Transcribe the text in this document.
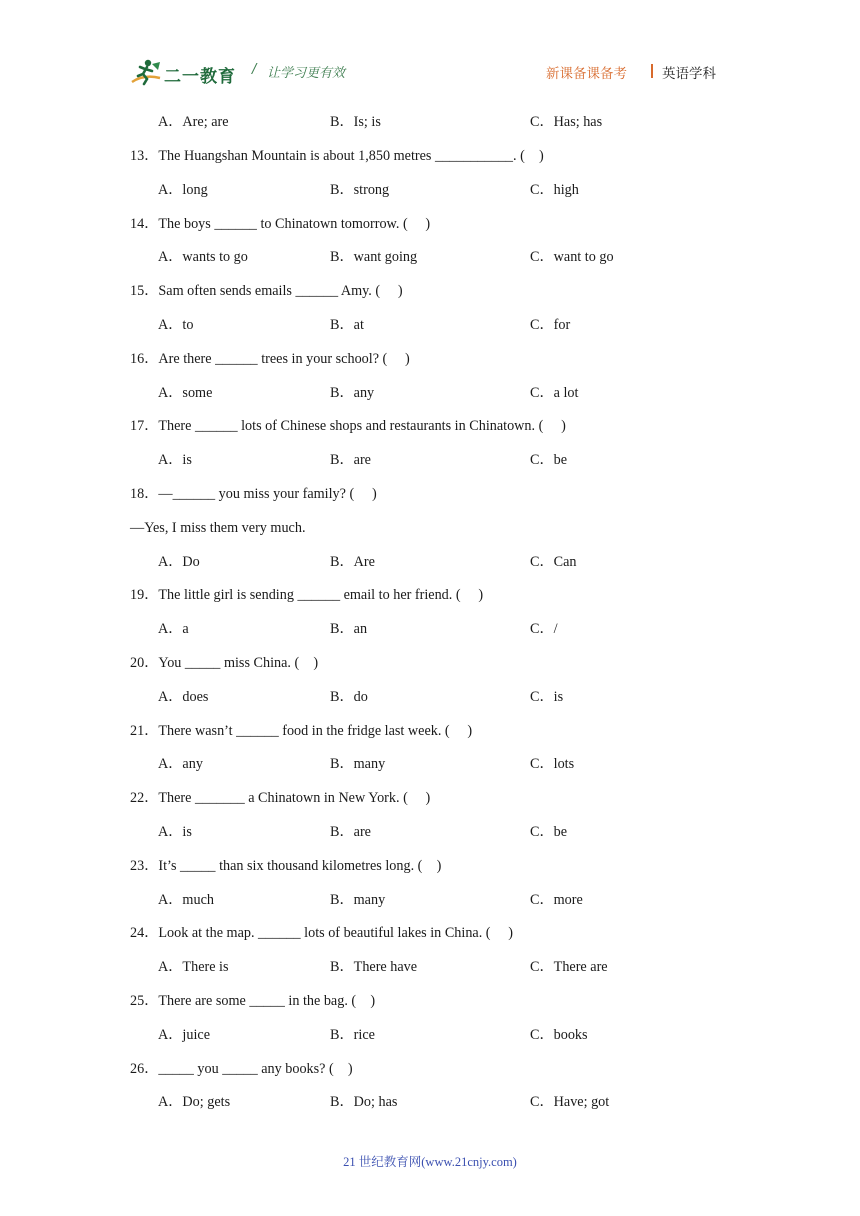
二一教育 / 让学习更有效	新课备课备考	英语学科
A．Are; are	B．Is; is	C．Has; has
13．The Huangshan Mountain is about 1,850 metres ___________. (    )
A．long	B．strong	C．high
14．The boys ______ to Chinatown tomorrow. (     )
A．wants to go	B．want going	C．want to go
15．Sam often sends emails ______ Amy. (     )
A．to	B．at	C．for
16．Are there ______ trees in your school? (     )
A．some	B．any	C．a lot
17．There ______ lots of Chinese shops and restaurants in Chinatown. (     )
A．is	B．are	C．be
18．—______ you miss your family? (     )
—Yes, I miss them very much.
A．Do	B．Are	C．Can
19．The little girl is sending ______ email to her friend. (     )
A．a	B．an	C．/
20．You _____ miss China. (    )
A．does	B．do	C．is
21．There wasn’t ______ food in the fridge last week. (     )
A．any	B．many	C．lots
22．There _______ a Chinatown in New York. (     )
A．is	B．are	C．be
23．It’s _____ than six thousand kilometres long. (    )
A．much	B．many	C．more
24．Look at the map. ______ lots of beautiful lakes in China. (     )
A．There is	B．There have	C．There are
25．There are some _____ in the bag. (    )
A．juice	B．rice	C．books
26．_____ you _____ any books? (    )
A．Do; gets	B．Do; has	C．Have; got
21 世纪教育网(www.21cnjy.com)
